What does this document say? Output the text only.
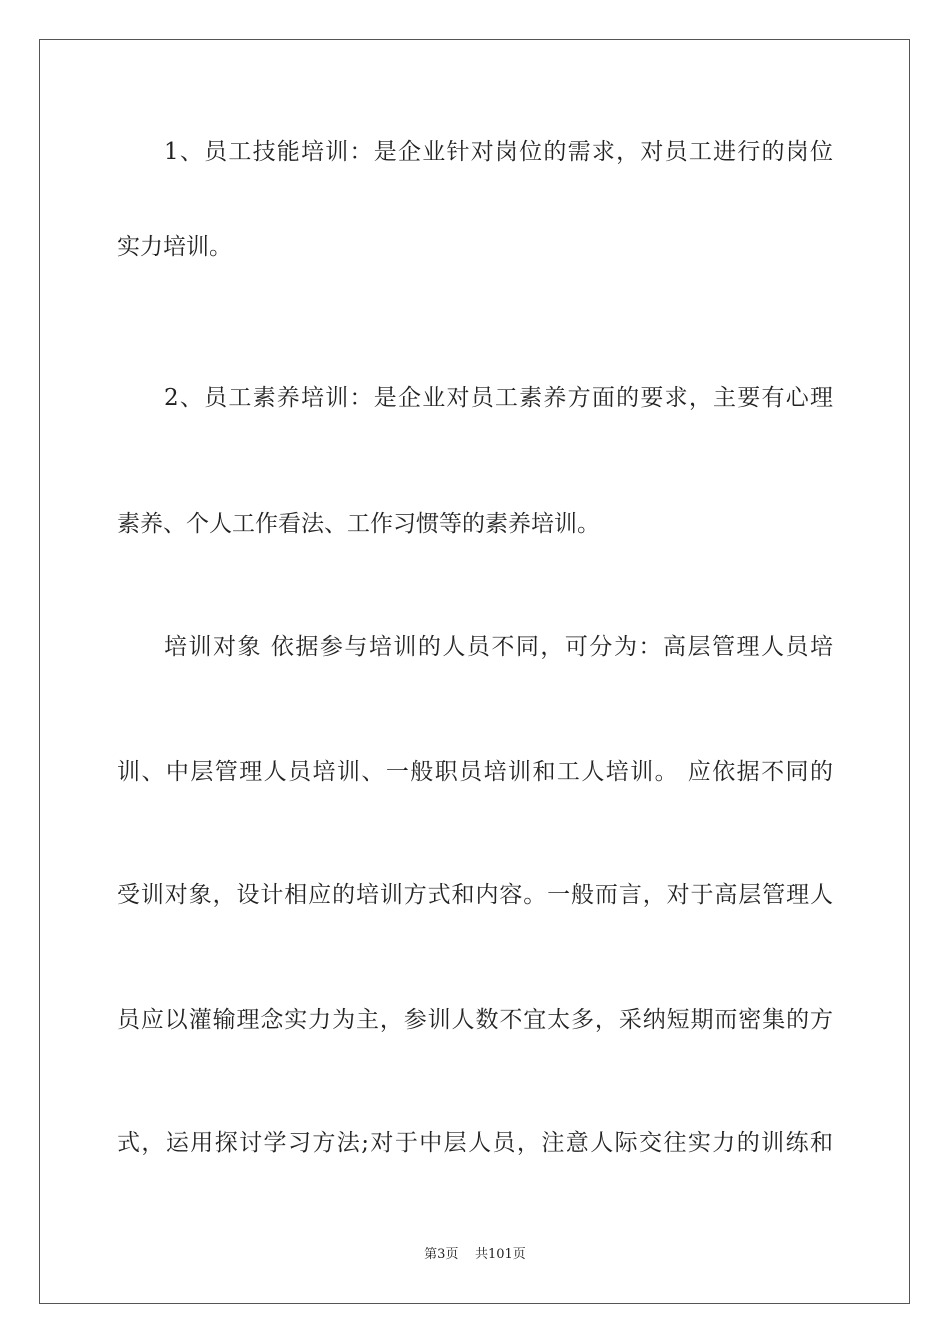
1、员工技能培训：是企业针对岗位的需求，对员工进行的岗位
实力培训。
2、员工素养培训：是企业对员工素养方面的要求，主要有心理
素养、个人工作看法、工作习惯等的素养培训。
培训对象 依据参与培训的人员不同，可分为：高层管理人员培
训、中层管理人员培训、一般职员培训和工人培训。 应依据不同的
受训对象，设计相应的培训方式和内容。一般而言，对于高层管理人
员应以灌输理念实力为主，参训人数不宜太多，采纳短期而密集的方
式，运用探讨学习方法;对于中层人员，注意人际交往实力的训练和
第3页 共101页
